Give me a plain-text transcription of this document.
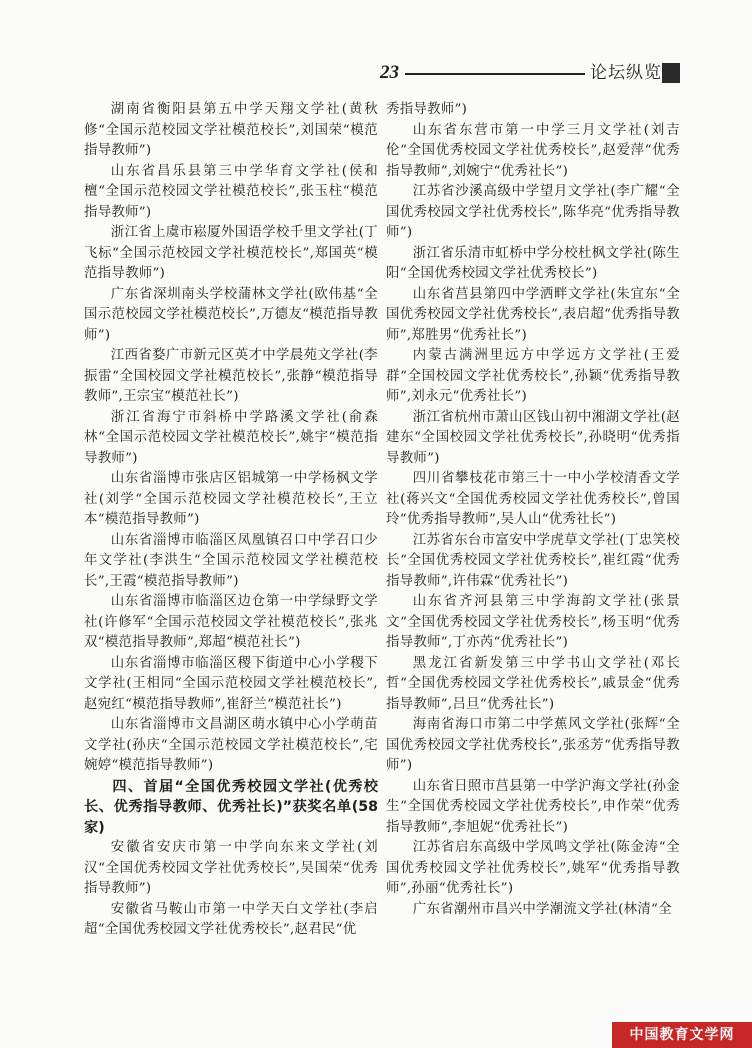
23	论坛纵览

湖南省衡阳县第五中学天翔文学社(黄秋修“全国示范校园文学社模范校长”,刘国荣“模范指导教师”)

山东省昌乐县第三中学华育文学社(侯和檀“全国示范校园文学社模范校长”,张玉柱“模范指导教师”)

浙江省上虞市崧厦外国语学校千里文学社(丁飞标“全国示范校园文学社模范校长”,郑国英“模范指导教师”)

广东省深圳南头学校蒲林文学社(欧伟基“全国示范校园文学社模范校长”,万德友“模范指导教师”)

江西省婺广市新元区英才中学晨苑文学社(李振雷“全国校园文学社模范校长”,张静“模范指导教师”,王宗宝“模范社长”)

浙江省海宁市斜桥中学路溪文学社(俞森林“全国示范校园文学社模范校长”,姚宇“模范指导教师”)

山东省淄博市张店区铝城第一中学杨枫文学社(刘学“全国示范校园文学社模范校长”,王立本“模范指导教师”)

山东省淄博市临淄区凤凰镇召口中学召口少年文学社(李洪生“全国示范校园文学社模范校长”,王霞“模范指导教师”)

山东省淄博市临淄区边仓第一中学绿野文学社(许修军“全国示范校园文学社模范校长”,张兆双“模范指导教师”,郑超“模范社长”)

山东省淄博市临淄区稷下街道中心小学稷下文学社(王相同“全国示范校园文学社模范校长”,赵宛红“模范指导教师”,崔舒兰“模范社长”)

山东省淄博市文昌湖区萌水镇中心小学萌苗文学社(孙庆“全国示范校园文学社模范校长”,宅婉婷“模范指导教师”)

四、首届“全国优秀校园文学社(优秀校长、优秀指导教师、优秀社长)”获奖名单(58家)

安徽省安庆市第一中学向东来文学社(刘汉“全国优秀校园文学社优秀校长”,吴国荣“优秀指导教师”)

安徽省马鞍山市第一中学天白文学社(李启超“全国优秀校园文学社优秀校长”,赵君民“优

秀指导教师”)

山东省东营市第一中学三月文学社(刘吉伦“全国优秀校园文学社优秀校长”,赵爱萍“优秀指导教师”,刘婉宁“优秀社长”)

江苏省沙溪高级中学望月文学社(李广耀“全国优秀校园文学社优秀校长”,陈华亮“优秀指导教师”)

浙江省乐清市虹桥中学分校杜枫文学社(陈生阳“全国优秀校园文学社优秀校长”)

山东省莒县第四中学洒畔文学社(朱宜东“全国优秀校园文学社优秀校长”,表启超“优秀指导教师”,郑胜男“优秀社长”)

内蒙古满洲里远方中学远方文学社(王爱群“全国校园文学社优秀校长”,孙颖“优秀指导教师”,刘永元“优秀社长”)

浙江省杭州市萧山区钱山初中湘湖文学社(赵建东“全国校园文学社优秀校长”,孙晓明“优秀指导教师”)

四川省攀枝花市第三十一中小学校清香文学社(蒋兴文“全国优秀校园文学社优秀校长”,曾国玲“优秀指导教师”,吴人山“优秀社长”)

江苏省东台市富安中学虎草文学社(丁忠笑校长“全国优秀校园文学社优秀校长”,崔红霞“优秀指导教师”,许伟霖“优秀社长”)

山东省齐河县第三中学海韵文学社(张景文“全国优秀校园文学社优秀校长”,杨玉明“优秀指导教师”,丁亦芮“优秀社长”)

黑龙江省新发第三中学书山文学社(邓长哲“全国优秀校园文学社优秀校长”,戚景金“优秀指导教师”,吕旦“优秀社长”)

海南省海口市第二中学蕉风文学社(张辉“全国优秀校园文学社优秀校长”,张丞芳“优秀指导教师”)

山东省日照市莒县第一中学沪海文学社(孙金生“全国优秀校园文学社优秀校长”,申作荣“优秀指导教师”,李旭妮“优秀社长”)

江苏省启东高级中学凤鸣文学社(陈金涛“全国优秀校园文学社优秀校长”,姚军“优秀指导教师”,孙丽“优秀社长”)

广东省潮州市昌兴中学潮流文学社(林清“全

中国教育文学网
